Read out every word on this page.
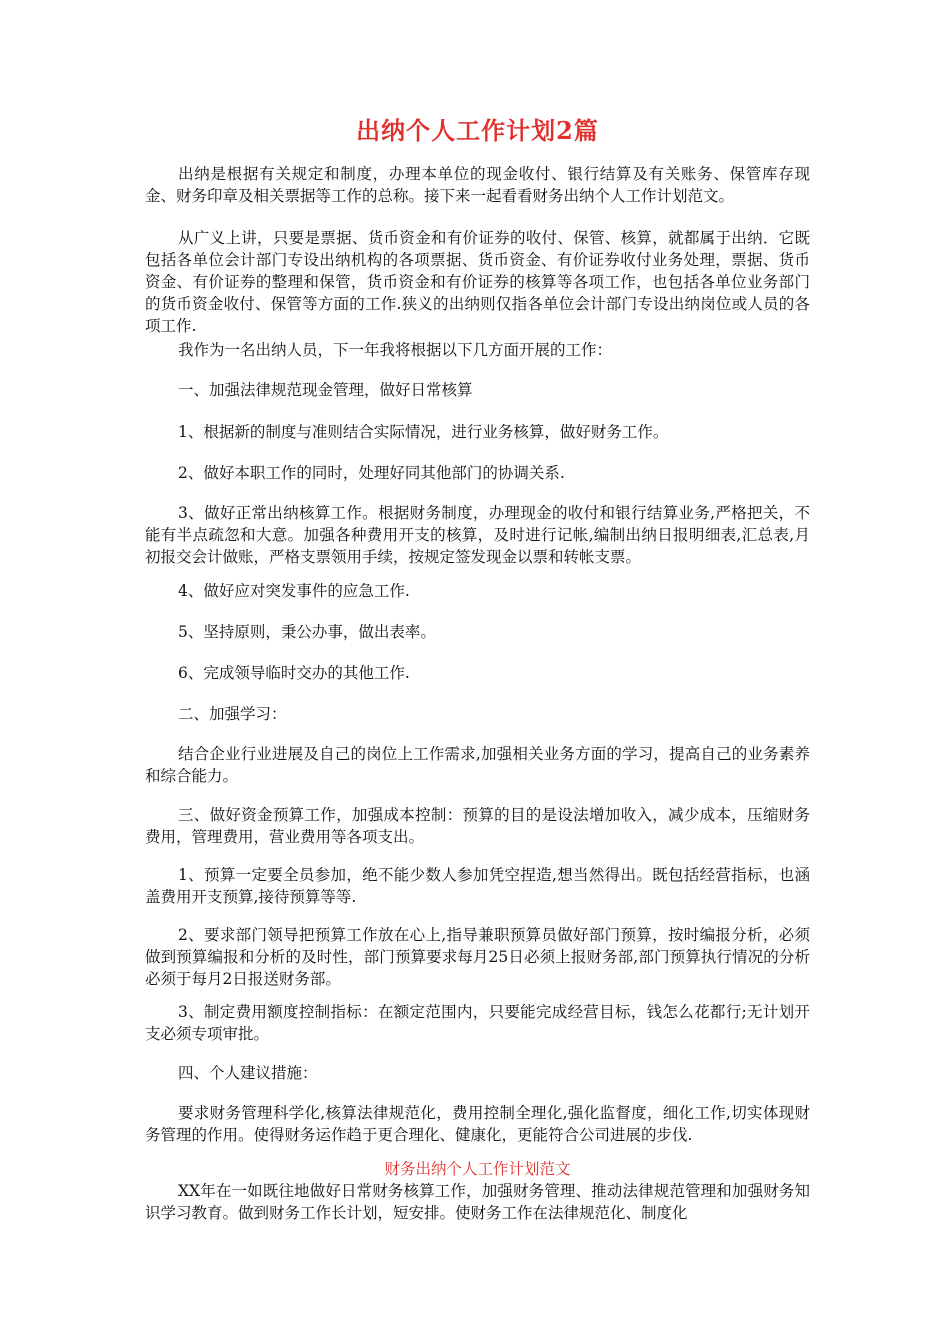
出纳个人工作计划2篇

出纳是根据有关规定和制度，办理本单位的现金收付、银行结算及有关账务、保管库存现金、财务印章及相关票据等工作的总称。接下来一起看看财务出纳个人工作计划范文。

从广义上讲，只要是票据、货币资金和有价证券的收付、保管、核算，就都属于出纳．它既包括各单位会计部门专设出纳机构的各项票据、货币资金、有价证券收付业务处理，票据、货币资金、有价证券的整理和保管，货币资金和有价证券的核算等各项工作，也包括各单位业务部门的货币资金收付、保管等方面的工作.狭义的出纳则仅指各单位会计部门专设出纳岗位或人员的各项工作.

我作为一名出纳人员，下一年我将根据以下几方面开展的工作：

一、加强法律规范现金管理，做好日常核算

1、根据新的制度与准则结合实际情况，进行业务核算，做好财务工作。

2、做好本职工作的同时，处理好同其他部门的协调关系.

3、做好正常出纳核算工作。根据财务制度，办理现金的收付和银行结算业务,严格把关，不能有半点疏忽和大意。加强各种费用开支的核算，及时进行记帐,编制出纳日报明细表,汇总表,月初报交会计做账，严格支票领用手续，按规定签发现金以票和转帐支票。

4、做好应对突发事件的应急工作.

5、坚持原则，秉公办事，做出表率。

6、完成领导临时交办的其他工作.

二、加强学习：

结合企业行业进展及自己的岗位上工作需求,加强相关业务方面的学习，提高自己的业务素养和综合能力。

三、做好资金预算工作，加强成本控制：预算的目的是设法增加收入，减少成本，压缩财务费用，管理费用，营业费用等各项支出。

1、预算一定要全员参加，绝不能少数人参加凭空捏造,想当然得出。既包括经营指标，也涵盖费用开支预算,接待预算等等.

2、要求部门领导把预算工作放在心上,指导兼职预算员做好部门预算，按时编报分析，必须做到预算编报和分析的及时性，部门预算要求每月25日必须上报财务部,部门预算执行情况的分析必须于每月2日报送财务部。

3、制定费用额度控制指标：在额定范围内，只要能完成经营目标，钱怎么花都行;无计划开支必须专项审批。

四、个人建议措施：

要求财务管理科学化,核算法律规范化，费用控制全理化,强化监督度，细化工作,切实体现财务管理的作用。使得财务运作趋于更合理化、健康化，更能符合公司进展的步伐.

财务出纳个人工作计划范文

XX年在一如既往地做好日常财务核算工作，加强财务管理、推动法律规范管理和加强财务知识学习教育。做到财务工作长计划，短安排。使财务工作在法律规范化、制度化
